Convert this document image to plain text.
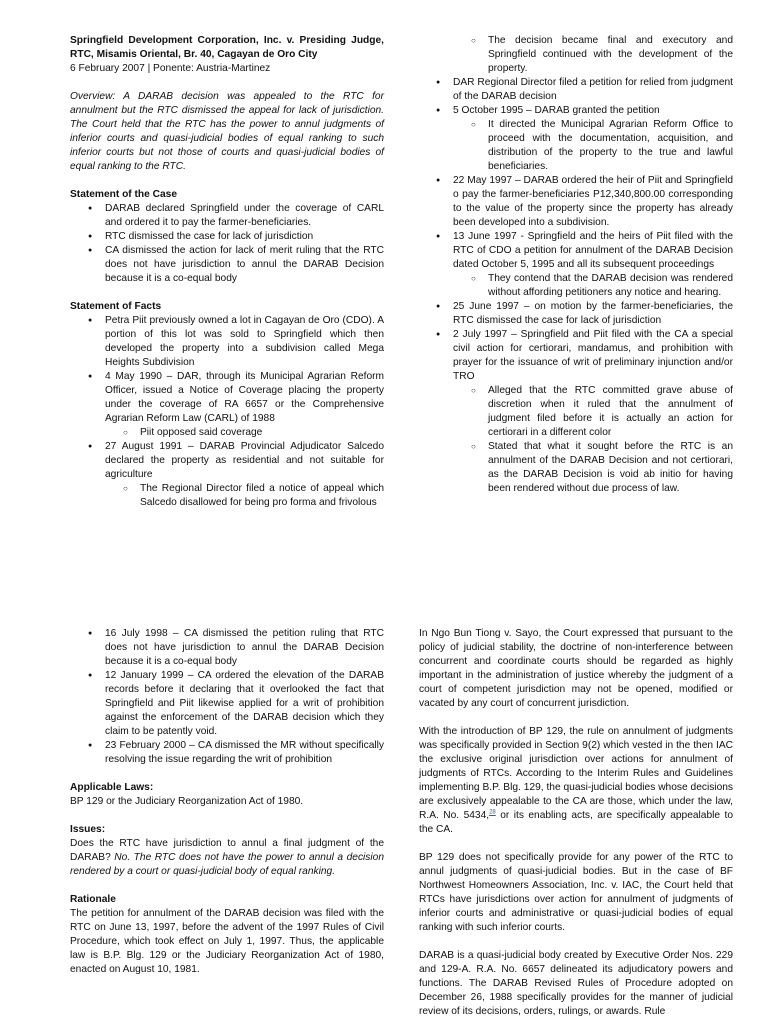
Springfield Development Corporation, Inc. v. Presiding Judge, RTC, Misamis Oriental, Br. 40, Cagayan de Oro City

6 February 2007 | Ponente: Austria-Martinez

Overview: A DARAB decision was appealed to the RTC for annulment but the RTC dismissed the appeal for lack of jurisdiction. The Court held that the RTC has the power to annul judgments of inferior courts and quasi-judicial bodies of equal ranking to such inferior courts but not those of courts and quasi-judicial bodies of equal ranking to the RTC.

Statement of the Case

● DARAB declared Springfield under the coverage of CARL and ordered it to pay the farmer-beneficiaries.
● RTC dismissed the case for lack of jurisdiction
● CA dismissed the action for lack of merit ruling that the RTC does not have jurisdiction to annul the DARAB Decision because it is a co-equal body

Statement of Facts

● Petra Piit previously owned a lot in Cagayan de Oro (CDO). A portion of this lot was sold to Springfield which then developed the property into a subdivision called Mega Heights Subdivision
● 4 May 1990 – DAR, through its Municipal Agrarian Reform Officer, issued a Notice of Coverage placing the property under the coverage of RA 6657 or the Comprehensive Agrarian Reform Law (CARL) of 1988
○ Piit opposed said coverage
● 27 August 1991 – DARAB Provincial Adjudicator Salcedo declared the property as residential and not suitable for agriculture
○ The Regional Director filed a notice of appeal which Salcedo disallowed for being pro forma and frivolous
○ The decision became final and executory and Springfield continued with the development of the property.
● DAR Regional Director filed a petition for relied from judgment of the DARAB decision
● 5 October 1995 – DARAB granted the petition
○ It directed the Municipal Agrarian Reform Office to proceed with the documentation, acquisition, and distribution of the property to the true and lawful beneficiaries.
● 22 May 1997 – DARAB ordered the heir of Piit and Springfield o pay the farmer-beneficiaries P12,340,800.00 corresponding to the value of the property since the property has already been developed into a subdivision.
● 13 June 1997 - Springfield and the heirs of Piit filed with the RTC of CDO a petition for annulment of the DARAB Decision dated October 5, 1995 and all its subsequent proceedings
○ They contend that the DARAB decision was rendered without affording petitioners any notice and hearing.
● 25 June 1997 – on motion by the farmer-beneficiaries, the RTC dismissed the case for lack of jurisdiction
● 2 July 1997 – Springfield and Piit filed with the CA a special civil action for certiorari, mandamus, and prohibition with prayer for the issuance of writ of preliminary injunction and/or TRO
○ Alleged that the RTC committed grave abuse of discretion when it ruled that the annulment of judgment filed before it is actually an action for certiorari in a different color
○ Stated that what it sought before the RTC is an annulment of the DARAB Decision and not certiorari, as the DARAB Decision is void ab initio for having been rendered without due process of law.
● 16 July 1998 – CA dismissed the petition ruling that RTC does not have jurisdiction to annul the DARAB Decision because it is a co-equal body
● 12 January 1999 – CA ordered the elevation of the DARAB records before it declaring that it overlooked the fact that Springfield and Piit likewise applied for a writ of prohibition against the enforcement of the DARAB decision which they claim to be patently void.
● 23 February 2000 – CA dismissed the MR without specifically resolving the issue regarding the writ of prohibition

Applicable Laws:

BP 129 or the Judiciary Reorganization Act of 1980.

Issues:

Does the RTC have jurisdiction to annul a final judgment of the DARAB? No. The RTC does not have the power to annul a decision rendered by a court or quasi-judicial body of equal ranking.

Rationale

The petition for annulment of the DARAB decision was filed with the RTC on June 13, 1997, before the advent of the 1997 Rules of Civil Procedure, which took effect on July 1, 1997. Thus, the applicable law is B.P. Blg. 129 or the Judiciary Reorganization Act of 1980, enacted on August 10, 1981.

In Ngo Bun Tiong v. Sayo, the Court expressed that pursuant to the policy of judicial stability, the doctrine of non-interference between concurrent and coordinate courts should be regarded as highly important in the administration of justice whereby the judgment of a court of competent jurisdiction may not be opened, modified or vacated by any court of concurrent jurisdiction.

With the introduction of BP 129, the rule on annulment of judgments was specifically provided in Section 9(2) which vested in the then IAC the exclusive original jurisdiction over actions for annulment of judgments of RTCs. According to the Interim Rules and Guidelines implementing B.P. Blg. 129, the quasi-judicial bodies whose decisions are exclusively appealable to the CA are those, which under the law, R.A. No. 5434,28 or its enabling acts, are specifically appealable to the CA.

BP 129 does not specifically provide for any power of the RTC to annul judgments of quasi-judicial bodies. But in the case of BF Northwest Homeowners Association, Inc. v. IAC, the Court held that RTCs have jurisdictions over action for annulment of judgments of inferior courts and administrative or quasi-judicial bodies of equal ranking with such inferior courts.

DARAB is a quasi-judicial body created by Executive Order Nos. 229 and 129-A. R.A. No. 6657 delineated its adjudicatory powers and functions. The DARAB Revised Rules of Procedure adopted on December 26, 1988 specifically provides for the manner of judicial review of its decisions, orders, rulings, or awards. Rule
